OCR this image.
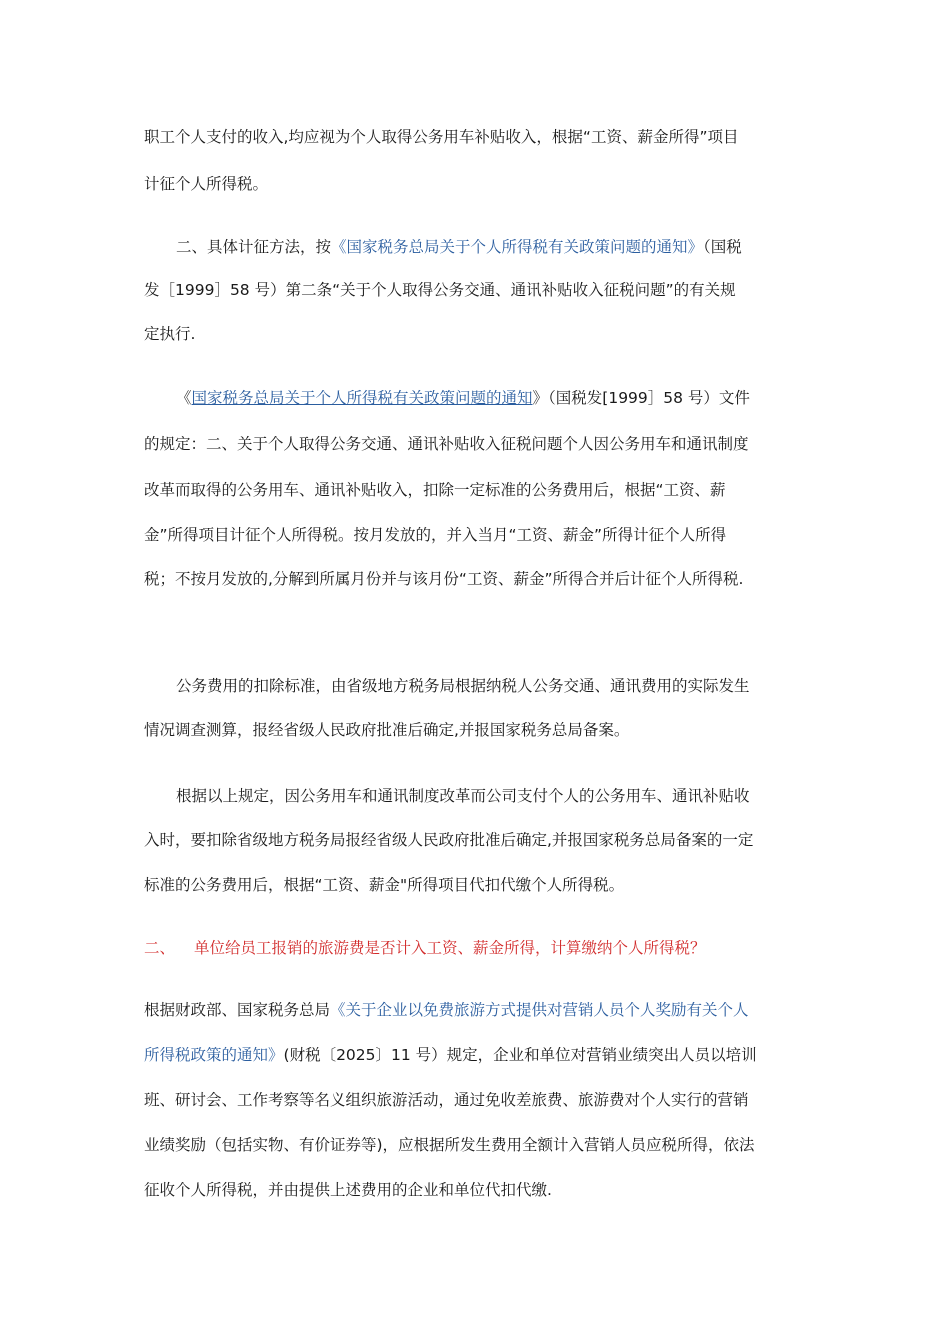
职工个人支付的收入,均应视为个人取得公务用车补贴收入，根据“工资、薪金所得”项目
计征个人所得税。
二、具体计征方法，按《国家税务总局关于个人所得税有关政策问题的通知》（国税
发［1999］58 号）第二条“关于个人取得公务交通、通讯补贴收入征税问题”的有关规
定执行.
《国家税务总局关于个人所得税有关政策问题的通知》（国税发[1999］58 号）文件
的规定：二、关于个人取得公务交通、通讯补贴收入征税问题个人因公务用车和通讯制度
改革而取得的公务用车、通讯补贴收入，扣除一定标准的公务费用后，根据“工资、薪
金”所得项目计征个人所得税。按月发放的，并入当月“工资、薪金”所得计征个人所得
税；不按月发放的,分解到所属月份并与该月份“工资、薪金”所得合并后计征个人所得税.
公务费用的扣除标准，由省级地方税务局根据纳税人公务交通、通讯费用的实际发生
情况调查测算，报经省级人民政府批准后确定,并报国家税务总局备案。
根据以上规定，因公务用车和通讯制度改革而公司支付个人的公务用车、通讯补贴收
入时，要扣除省级地方税务局报经省级人民政府批准后确定,并报国家税务总局备案的一定
标准的公务费用后，根据“工资、薪金"所得项目代扣代缴个人所得税。
二、 单位给员工报销的旅游费是否计入工资、薪金所得，计算缴纳个人所得税？
根据财政部、国家税务总局《关于企业以免费旅游方式提供对营销人员个人奖励有关个人
所得税政策的通知》(财税〔2025〕11 号）规定，企业和单位对营销业绩突出人员以培训
班、研讨会、工作考察等名义组织旅游活动，通过免收差旅费、旅游费对个人实行的营销
业绩奖励（包括实物、有价证券等)，应根据所发生费用全额计入营销人员应税所得，依法
征收个人所得税，并由提供上述费用的企业和单位代扣代缴.
